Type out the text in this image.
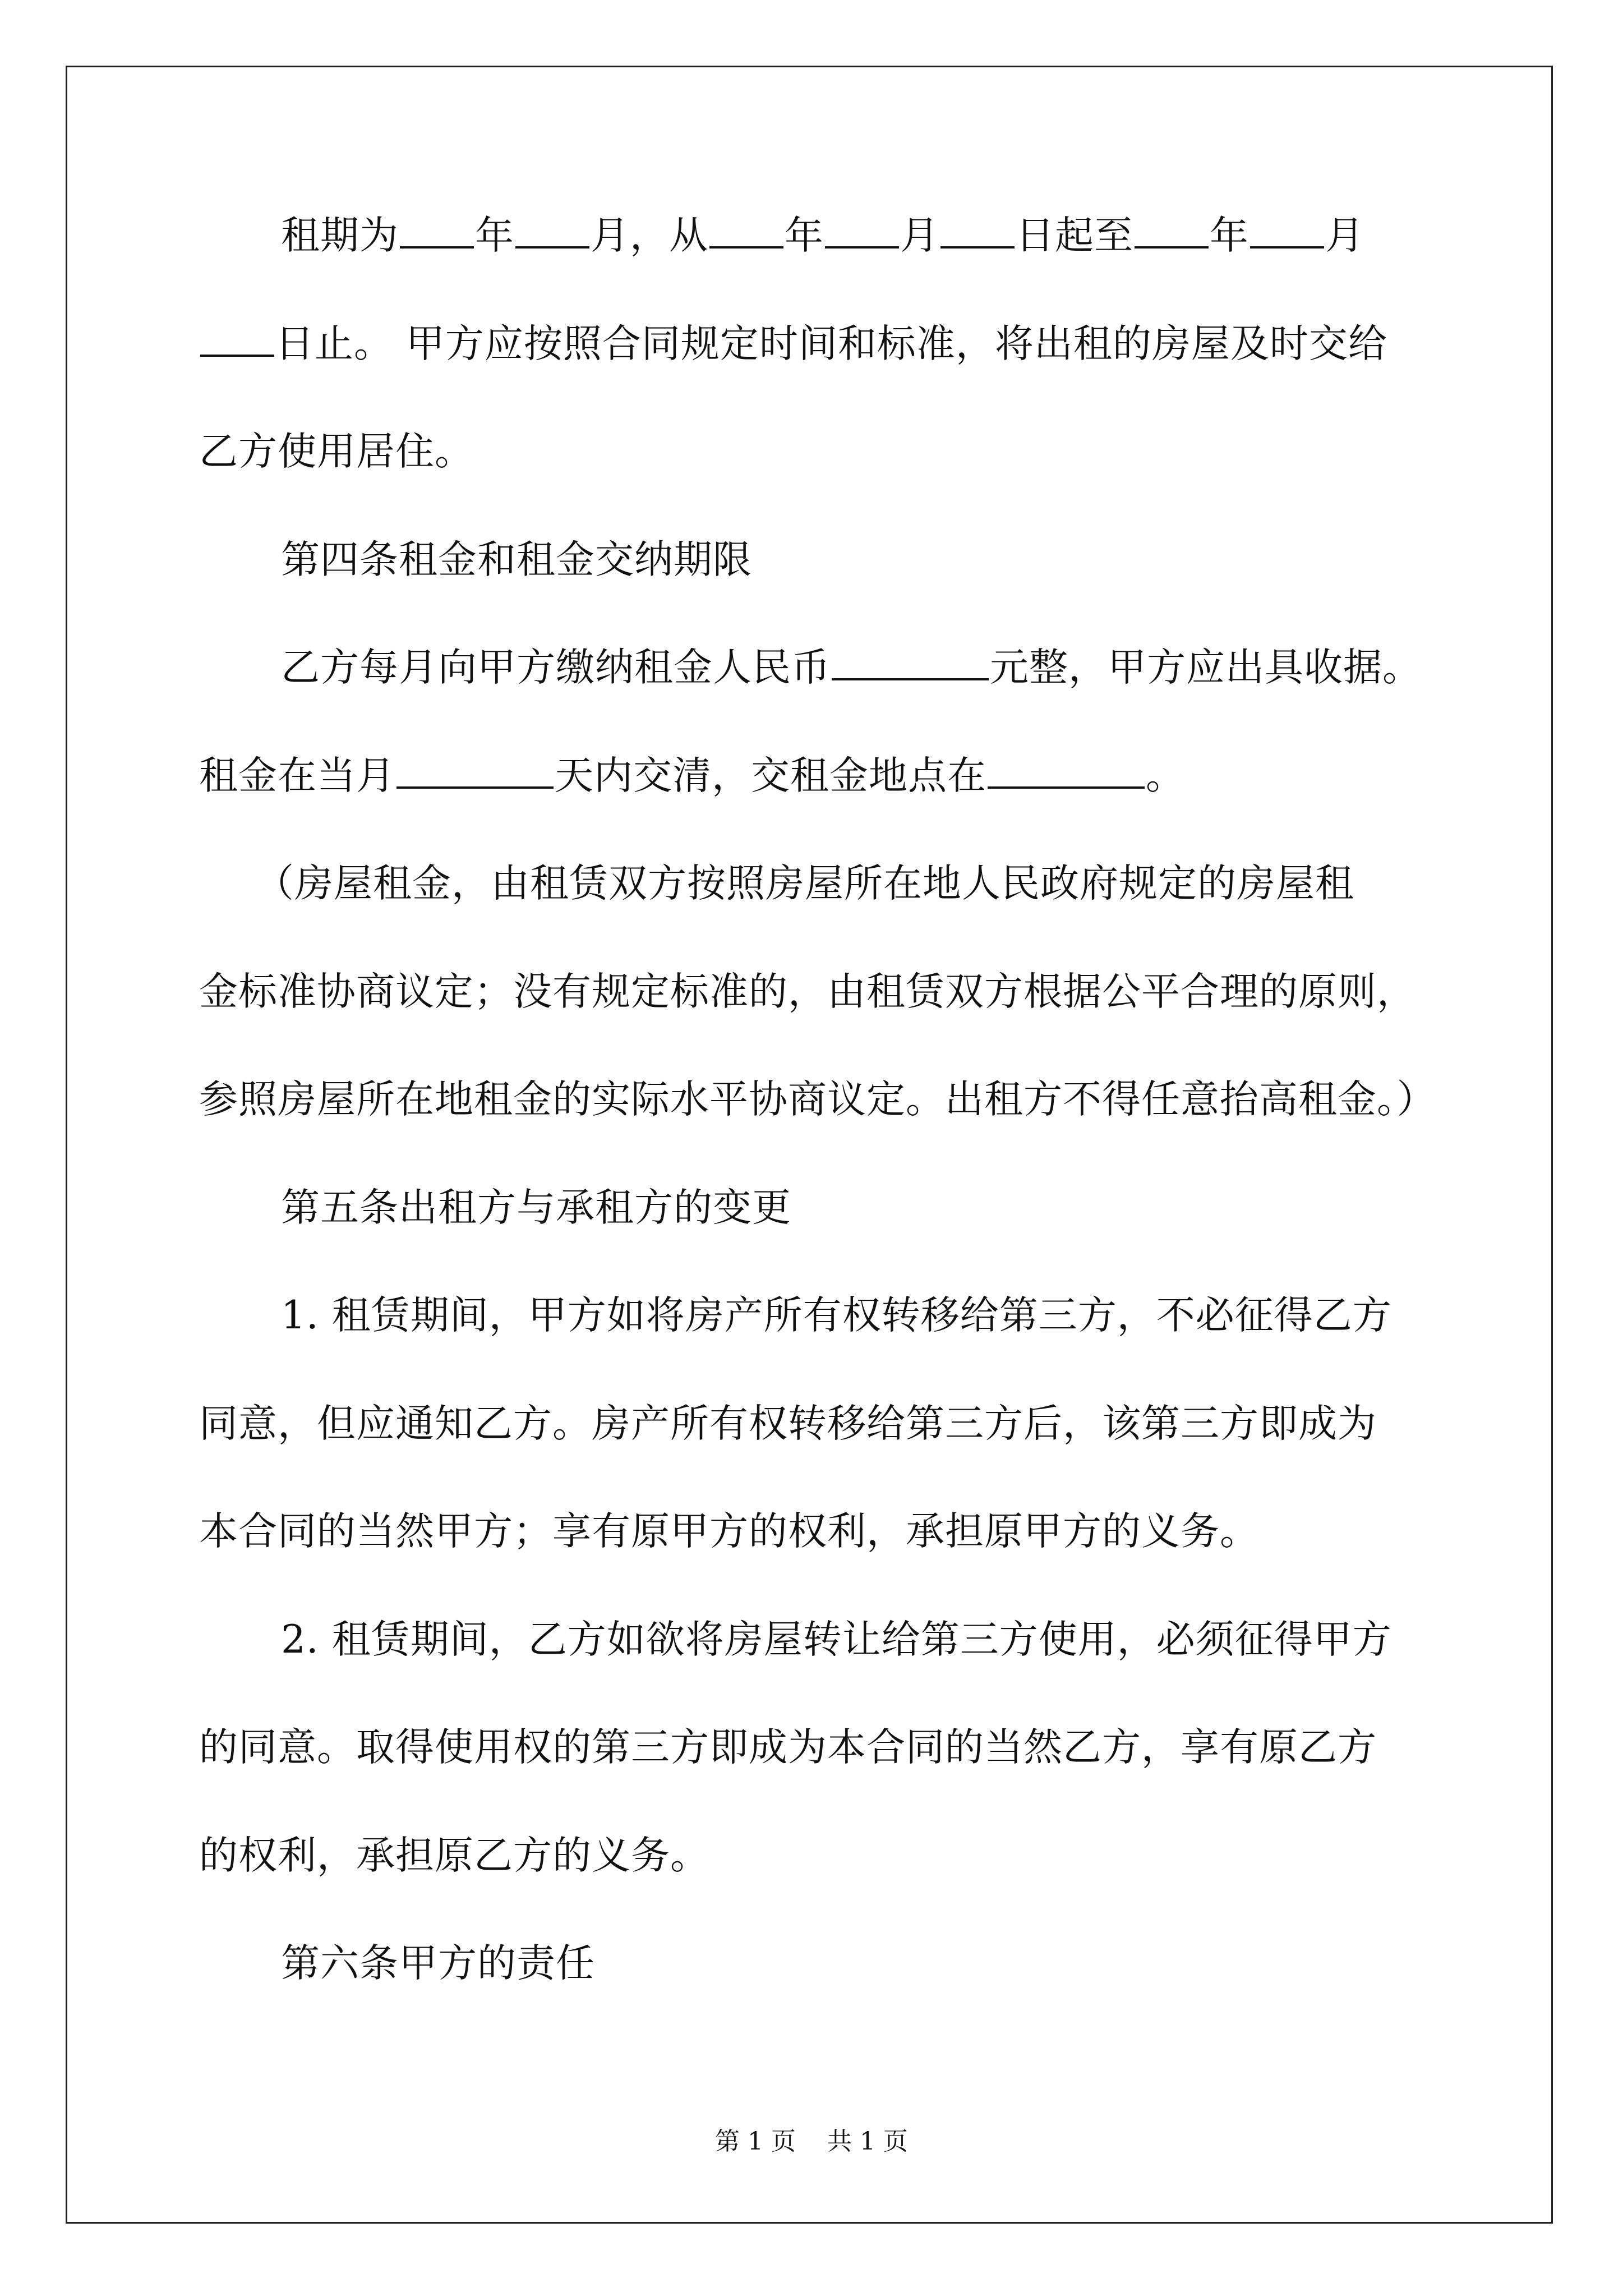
租期为 年 月，从 年 月 日起至 年 月
日止。 甲方应按照合同规定时间和标准，将出租的房屋及时交给
乙方使用居住。
第四条租金和租金交纳期限
乙方每月向甲方缴纳租金人民币	元整，甲方应出具收据。
租金在当月	天内交清，交租金地点在	。
（房屋租金，由租赁双方按照房屋所在地人民政府规定的房屋租
金标准协商议定；没有规定标准的，由租赁双方根据公平合理的原则，
参照房屋所在地租金的实际水平协商议定。出租方不得任意抬高租金。）
第五条出租方与承租方的变更
1. 租赁期间，甲方如将房产所有权转移给第三方，不必征得乙方
同意，但应通知乙方。房产所有权转移给第三方后，该第三方即成为
本合同的当然甲方；享有原甲方的权利，承担原甲方的义务。
2. 租赁期间，乙方如欲将房屋转让给第三方使用，必须征得甲方
的同意。取得使用权的第三方即成为本合同的当然乙方，享有原乙方
的权利，承担原乙方的义务。
第六条甲方的责任
第 1 页    共 1 页
